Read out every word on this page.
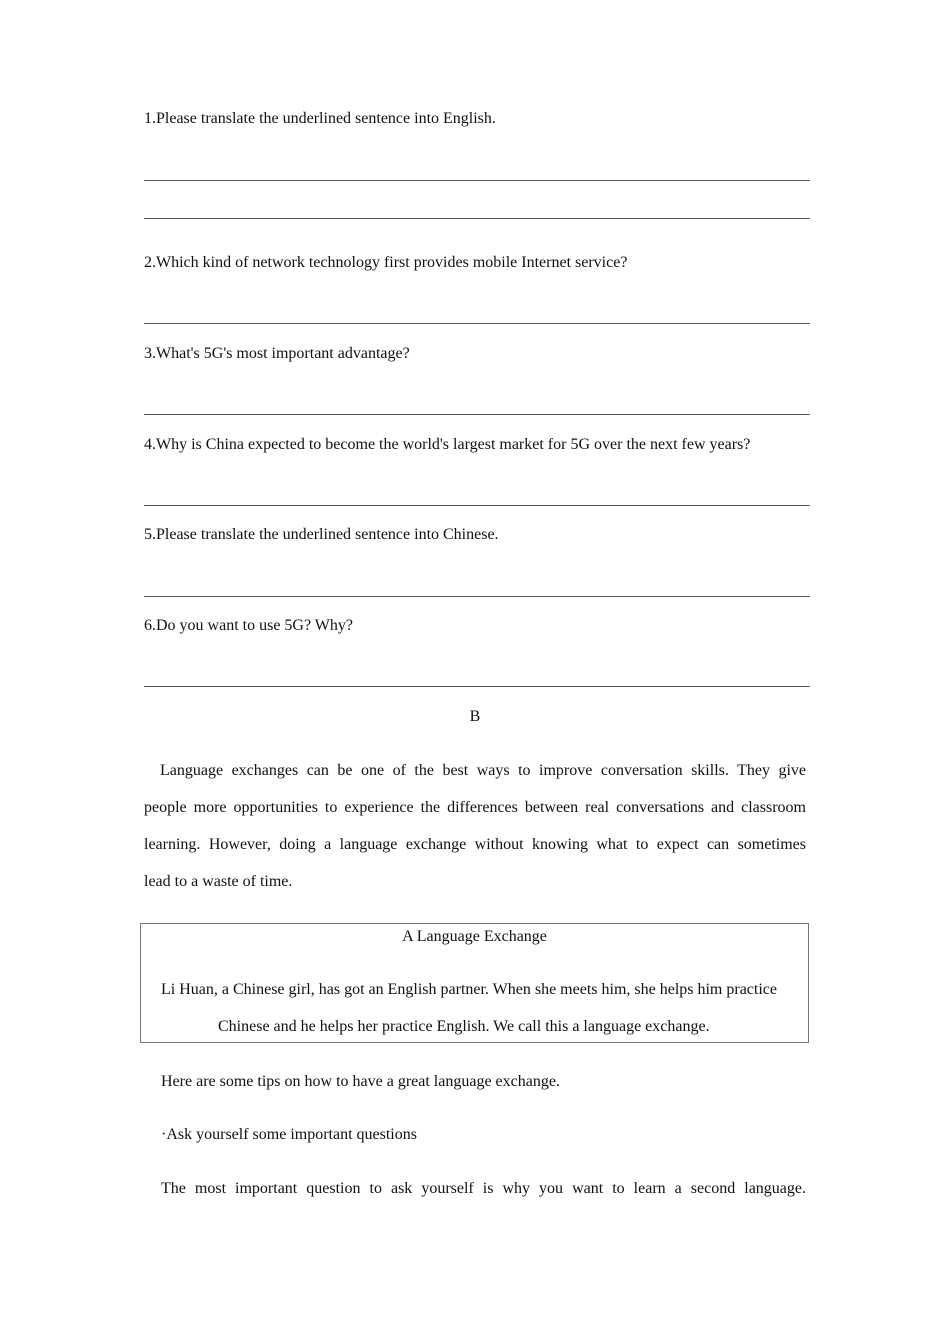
1.Please translate the underlined sentence into English.
2.Which kind of network technology first provides mobile Internet service?
3.What's 5G's most important advantage?
4.Why is China expected to become the world's largest market for 5G over the next few years?
5.Please translate the underlined sentence into Chinese.
6.Do you want to use 5G? Why?
B
Language exchanges can be one of the best ways to improve conversation skills. They give
people more opportunities to experience the differences between real conversations and classroom
learning. However, doing a language exchange without knowing what to expect can sometimes
lead to a waste of time.
A Language Exchange
Li Huan, a Chinese girl, has got an English partner. When she meets him, she helps him practice
Chinese and he helps her practice English. We call this a language exchange.
Here are some tips on how to have a great language exchange.
·Ask yourself some important questions
The most important question to ask yourself is why you want to learn a second language.
